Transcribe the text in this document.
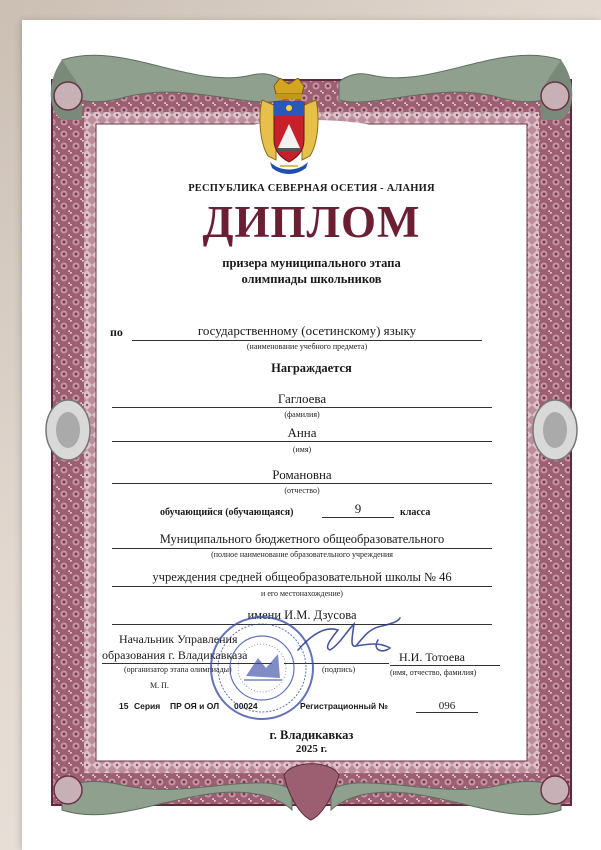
РЕСПУБЛИКА СЕВЕРНАЯ ОСЕТИЯ - АЛАНИЯ
ДИПЛОМ
призера муниципального этапа
олимпиады школьников
по	государственному (осетинскому) языку
(наименование учебного предмета)
Награждается
Гаглоева
(фамилия)
Анна
(имя)
Романовна
(отчество)
обучающийся (обучающаяся)	9	класса
Муниципального бюджетного общеобразовательного
(полное наименование образовательного учреждения
учреждения средней общеобразовательной школы № 46
и его местонахождение)
имени И.М. Дзусова
Начальник Управления
образования г. Владикавказа
(организатор этапа олимпиады)	(подпись)
Н.И. Тотоева
(имя, отчество, фамилия)
М. П.
15 Серия ПР ОЯ и ОЛ 00024	Регистрационный №	096
г. Владикавказ
2025 г.
